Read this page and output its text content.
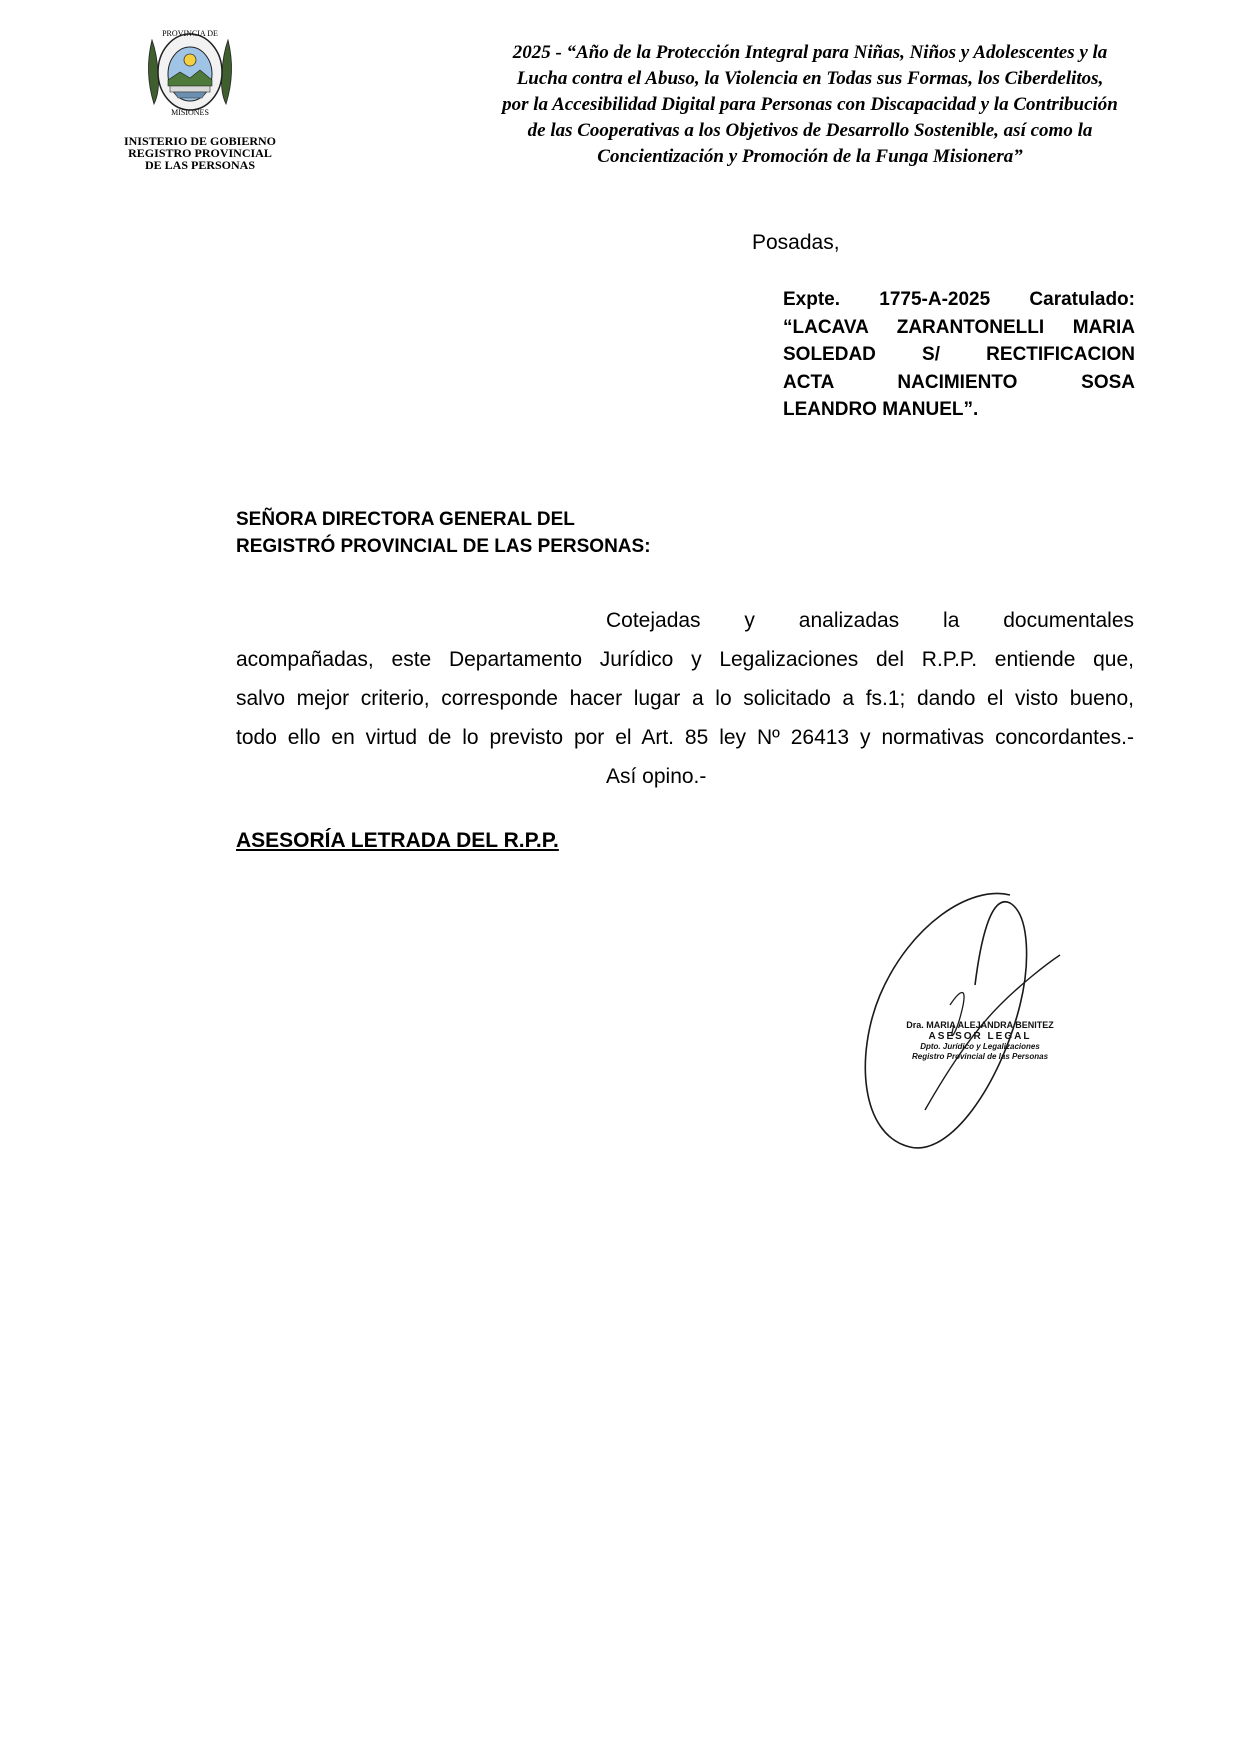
PROVINCIA DE
MISIONES
INISTERIO DE GOBIERNO
REGISTRO PROVINCIAL
DE LAS PERSONAS
2025 - “Año de la Protección Integral para Niñas, Niños y Adolescentes y la
Lucha contra el Abuso, la Violencia en Todas sus Formas, los Ciberdelitos,
por la Accesibilidad Digital para Personas con Discapacidad y la Contribución
de las Cooperativas a los Objetivos de Desarrollo Sostenible, así como la
Concientización y Promoción de la Funga Misionera”
Posadas,
Expte. 1775-A-2025 Caratulado:
“LACAVA ZARANTONELLI MARIA
SOLEDAD S/ RECTIFICACION
ACTA NACIMIENTO SOSA
LEANDRO MANUEL”.
SEÑORA DIRECTORA GENERAL DEL
REGISTRÓ PROVINCIAL DE LAS PERSONAS:
Cotejadas y analizadas la documentales
acompañadas, este Departamento Jurídico y Legalizaciones del R.P.P. entiende que,
salvo mejor criterio, corresponde hacer lugar a lo solicitado a fs.1; dando el visto bueno,
todo ello en virtud de lo previsto por el Art. 85 ley Nº 26413 y normativas concordantes.-
Así opino.-
ASESORÍA LETRADA DEL R.P.P.
Dra. MARIA ALEJANDRA BENITEZ
ASESOR LEGAL
Dpto. Jurídico y Legalizaciones
Registro Provincial de las Personas
